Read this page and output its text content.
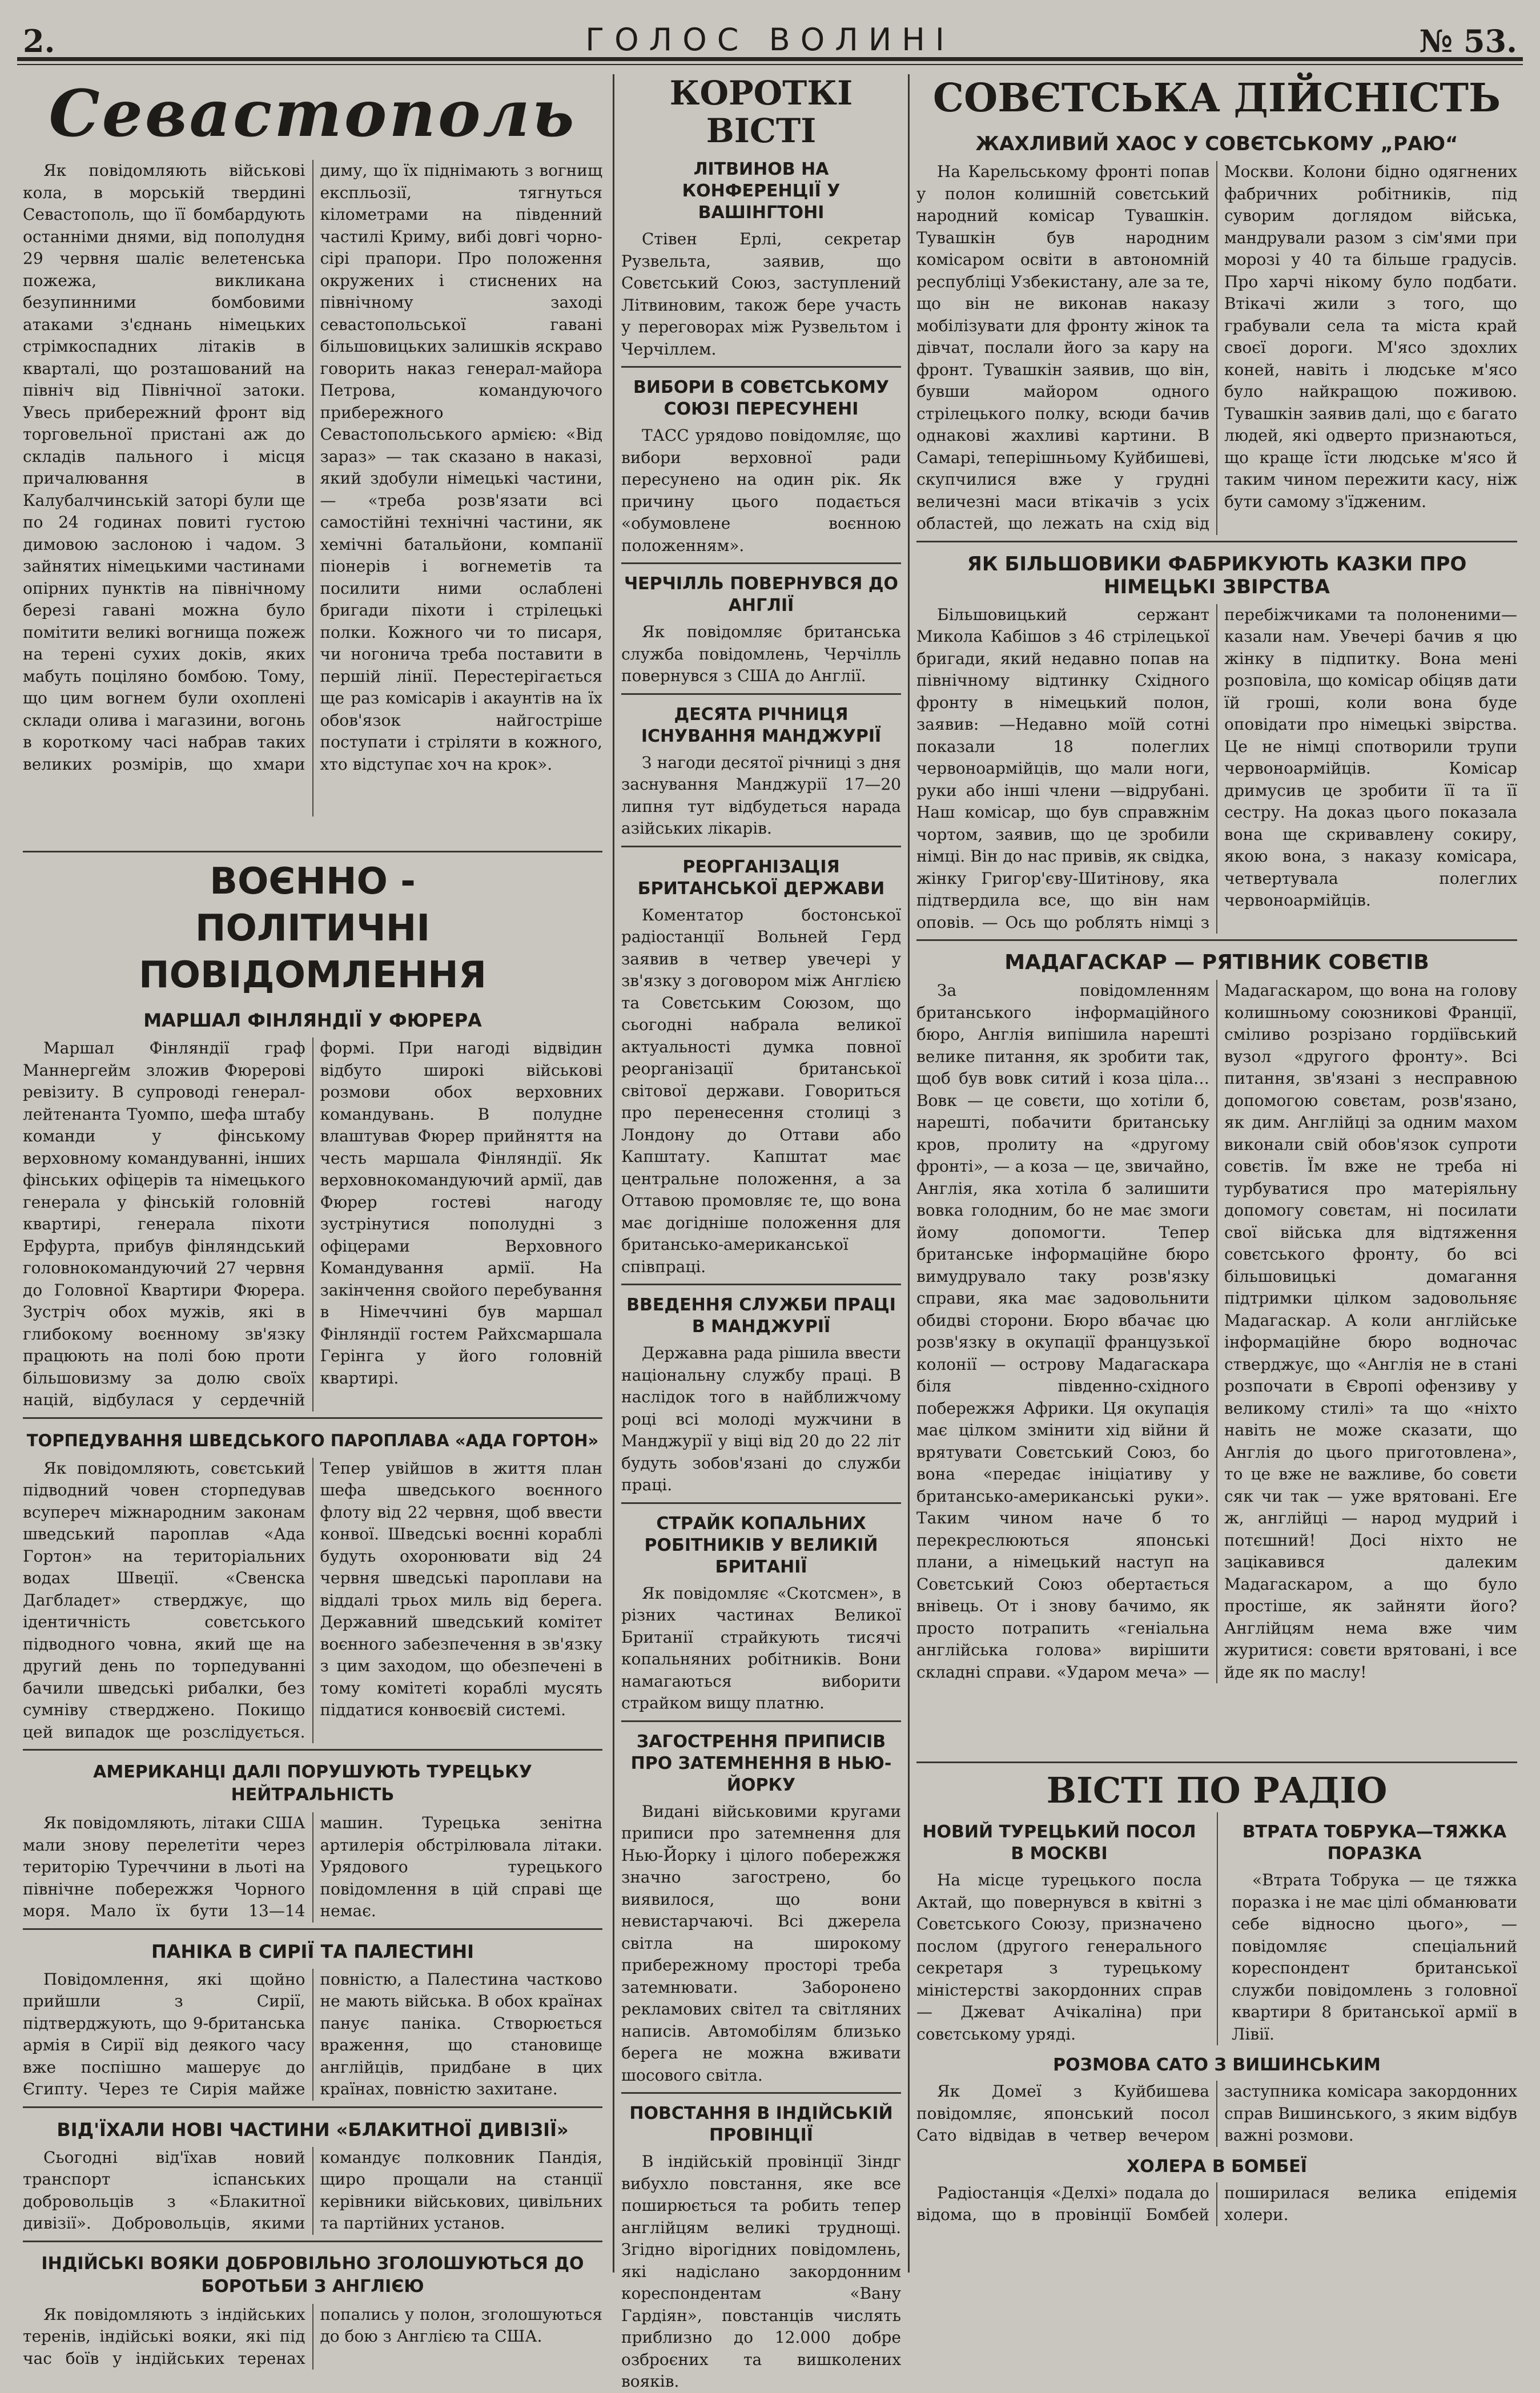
2.	ГОЛОС ВОЛИНІ	№ 53.
Севастополь

Як повідомляють військові кола, в морській твердині Севастополь, що її бомбардують останніми днями, від пополудня 29 червня шаліє велетенська пожежа, викликана безупинними бомбовими атаками з'єднань німецьких стрімкоспадних літаків в кварталі, що розташований на північ від Північної затоки. Увесь прибережний фронт від торговельної пристані аж до складів пального і місця причалювання в Калубалчинській заторі були ще по 24 годинах повиті густою димовою заслоною і чадом. З зайнятих німецькими частинами опірних пунктів на північному березі гавані можна було помітити великі вогнища пожеж на терені сухих доків, яких мабуть поціляно бомбою. Тому, що цим вогнем були охоплені склади олива і магазини, вогонь в короткому часі набрав таких великих розмірів, що хмари диму, що їх піднімають з вогнищ експльозії, тягнуться кілометрами на південний частилі Криму, вибі довгі чорно-сірі прапори. Про положення окружених і стиснених на північному заході севастопольської гавані більшовицьких залишків яскраво говорить наказ генерал-майора Петрова, командуючого прибережного Севастопольського армією: «Від зараз» — так сказано в наказі, який здобули німецькі частини, — «треба розв'язати всі самостійні технічні частини, як хемічні батальйони, компанії піонерів і вогнеметів та посилити ними ослаблені бригади піхоти і стрілецькі полки. Кожного чи то писаря, чи ногонича треба поставити в першій лінії. Перестерігається ще раз комісарів і акаунтів на їх обов'язок найгостріше поступати і стріляти в кожного, хто відступає хоч на крок».

ВОЄННО - ПОЛІТИЧНІ ПОВІДОМЛЕННЯ
МАРШАЛ ФІНЛЯНДІЇ У ФЮРЕРА

Маршал Фінляндії граф Маннергейм зложив Фюрерові ревізиту. В супроводі генерал-лейтенанта Туомпо, шефа штабу команди у фінському верховному командуванні, інших фінських офіцерів та німецького генерала у фінській головній квартирі, генерала піхоти Ерфурта, прибув фінляндський головнокомандуючий 27 червня до Головної Квартири Фюрера. Зустріч обох мужів, які в глибокому воєнному зв'язку працюють на полі бою проти більшовизму за долю своїх націй, відбулася у сердечній формі. При нагоді відвідин відбуто широкі військові розмови обох верховних командувань. В полудне влаштував Фюрер прийняття на честь маршала Фінляндії. Як верховнокомандуючий армії, дав Фюрер гостеві нагоду зустрінутися пополудні з офіцерами Верховного Командування армії. На закінчення свойого перебування в Німеччині був маршал Фінляндії гостем Райхсмаршала Герінга у його головній квартирі.

ТОРПЕДУВАННЯ ШВЕДСЬКОГО ПАРОПЛАВА «АДА ГОРТОН»

Як повідомляють, совєтський підводний човен сторпедував всупереч міжнародним законам шведський пароплав «Ада Гортон» на територіальних водах Швеції. «Свенска Дагбладет» стверджує, що ідентичність совєтського підводного човна, який ще на другий день по торпедуванні бачили шведські рибалки, без сумніву стверджено. Покищо цей випадок ще розслідується. Тепер увійшов в життя план шефа шведського воєнного флоту від 22 червня, щоб ввести конвої. Шведські воєнні кораблі будуть охоронювати від 24 червня шведські пароплави на віддалі трьох миль від берега. Державний шведський комітет воєнного забезпечення в зв'язку з цим заходом, що обезпечені в тому комітеті кораблі мусять піддатися конвоєвій системі.

АМЕРИКАНЦІ ДАЛІ ПОРУШУЮТЬ ТУРЕЦЬКУ НЕЙТРАЛЬНІСТЬ

Як повідомляють, літаки США мали знову перелетіти через територію Туреччини в льоті на північне побережжя Чорного моря. Мало їх бути 13—14 машин. Турецька зенітна артилерія обстрілювала літаки. Урядового турецького повідомлення в цій справі ще немає.

ПАНІКА В СИРІЇ ТА ПАЛЕСТИНІ

Повідомлення, які щойно прийшли з Сирії, підтверджують, що 9-британська армія в Сирії від деякого часу вже поспішно машерує до Єгипту. Через те Сирія майже повністю, а Палестина частково не мають війська. В обох країнах панує паніка. Створюється враження, що становище англійців, придбане в цих країнах, повністю захитане.

ВІД'ЇХАЛИ НОВІ ЧАСТИНИ «БЛАКИТНОЇ ДИВІЗІЇ»

Сьогодні від'їхав новий транспорт іспанських добровольців з «Блакитної дивізії». Добровольців, якими командує полковник Пандія, щиро прощали на станції керівники військових, цивільних та партійних установ.

ІНДІЙСЬКІ ВОЯКИ ДОБРОВІЛЬНО ЗГОЛОШУЮТЬСЯ ДО БОРОТЬБИ З АНГЛІЄЮ

Як повідомляють з індійських теренів, індійські вояки, які під час боїв у індійських теренах попались у полон, зголошуються до бою з Англією та США.

КОРОТКІ ВІСТІ
ЛІТВИНОВ НА КОНФЕРЕНЦІЇ У ВАШІНГТОНІ

Стівен Ерлі, секретар Рузвельта, заявив, що Совєтський Союз, заступлений Літвиновим, також бере участь у переговорах між Рузвельтом і Черчіллем.

ВИБОРИ В СОВЄТСЬКОМУ СОЮЗІ ПЕРЕСУНЕНІ

ТАСС урядово повідомляє, що вибори верховної ради пересунено на один рік. Як причину цього подається «обумовлене воєнною положенням».

ЧЕРЧІЛЛЬ ПОВЕРНУВСЯ ДО АНГЛІЇ

Як повідомляє британська служба повідомлень, Черчілль повернувся з США до Англії.

ДЕСЯТА РІЧНИЦЯ ІСНУВАННЯ МАНДЖУРІЇ

З нагоди десятої річниці з дня заснування Манджурії 17—20 липня тут відбудеться нарада азійських лікарів.

РЕОРГАНІЗАЦІЯ БРИТАНСЬКОЇ ДЕРЖАВИ

Коментатор бостонської радіостанції Вольней Герд заявив в четвер увечері у зв'язку з договором між Англією та Совєтським Союзом, що сьогодні набрала великої актуальності думка повної реорганізації британської світової держави. Говориться про перенесення столиці з Лондону до Оттави або Капштату. Капштат має центральне положення, а за Оттавою промовляє те, що вона має догідніше положення для британсько-американської співпраці.

ВВЕДЕННЯ СЛУЖБИ ПРАЦІ В МАНДЖУРІЇ

Державна рада рішила ввести національну службу праці. В наслідок того в найближчому році всі молоді мужчини в Манджурії у віці від 20 до 22 літ будуть зобов'язані до служби праці.

СТРАЙК КОПАЛЬНИХ РОБІТНИКІВ У ВЕЛИКІЙ БРИТАНІЇ

Як повідомляє «Скотсмен», в різних частинах Великої Британії страйкують тисячі копальняних робітників. Вони намагаються виборити страйком вищу платню.

ЗАГОСТРЕННЯ ПРИПИСІВ ПРО ЗАТЕМНЕННЯ В НЬЮ-ЙОРКУ

Видані військовими кругами приписи про затемнення для Нью-Йорку і цілого побережжя значно загострено, бо виявилося, що вони невистарчаючі. Всі джерела світла на широкому прибережному просторі треба затемнювати. Заборонено рекламових світел та світляних написів. Автомобілям близько берега не можна вживати шосового світла.

ПОВСТАННЯ В ІНДІЙСЬКІЙ ПРОВІНЦІЇ

В індійській провінції Зіндг вибухло повстання, яке все поширюється та робить тепер англійцям великі труднощі. Згідно вірогідних повідомлень, які надіслано закордонним кореспондентам «Вану Гардіян», повстанців числять приблизно до 12.000 добре озброєних та вишколених вояків.

СОВЄТСЬКА ДІЙСНІСТЬ
ЖАХЛИВИЙ ХАОС У СОВЄТСЬКОМУ „РАЮ“

На Карельському фронті попав у полон колишній совєтський народний комісар Тувашкін. Тувашкін був народним комісаром освіти в автономній республіці Узбекистану, але за те, що він не виконав наказу мобілізувати для фронту жінок та дівчат, послали його за кару на фронт. Тувашкін заявив, що він, бувши майором одного стрілецького полку, всюди бачив однакові жахливі картини. В Самарі, теперішньому Куйбишеві, скупчилися вже у грудні величезні маси втікачів з усіх областей, що лежать на схід від Москви. Колони бідно одягнених фабричних робітників, під суворим доглядом війська, мандрували разом з сім'ями при морозі у 40 та більше градусів. Про харчі нікому було подбати. Втікачі жили з того, що грабували села та міста край своєї дороги. М'ясо здохлих коней, навіть і людське м'ясо було найкращою поживою. Тувашкін заявив далі, що є багато людей, які одверто признаються, що краще їсти людське м'ясо й таким чином пережити касу, ніж бути самому з'їдженим.

ЯК БІЛЬШОВИКИ ФАБРИКУЮТЬ КАЗКИ ПРО НІМЕЦЬКІ ЗВІРСТВА

Більшовицький сержант Микола Кабішов з 46 стрілецької бригади, який недавно попав на північному відтинку Східного фронту в німецький полон, заявив: —Недавно моїй сотні показали 18 полеглих червоноармійців, що мали ноги, руки або інші члени —відрубані. Наш комісар, що був справжнім чортом, заявив, що це зробили німці. Він до нас привів, як свідка, жінку Григор'єву-Шитінову, яка підтвердила все, що він нам оповів. — Ось що роблять німці з перебіжчиками та полоненими—казали нам. Увечері бачив я цю жінку в підпитку. Вона мені розповіла, що комісар обіцяв дати їй гроші, коли вона буде оповідати про німецькі звірства. Це не німці спотворили трупи червоноармійців. Комісар дримусив це зробити її та її сестру. На доказ цього показала вона ще скривавлену сокиру, якою вона, з наказу комісара, четвертувала полеглих червоноармійців.

МАДАГАСКАР — РЯТІВНИК СОВЄТІВ

За повідомленням британського інформаційного бюро, Англія випішила нарешті велике питання, як зробити так, щоб був вовк ситий і коза ціла… Вовк — це совєти, що хотіли б, нарешті, побачити британську кров, пролиту на «другому фронті», — а коза — це, звичайно, Англія, яка хотіла б залишити вовка голодним, бо не має змоги йому допомогти. Тепер британське інформаційне бюро вимудрувало таку розв'язку справи, яка має задовольнити обидві сторони. Бюро вбачає цю розв'язку в окупації французької колонії — острову Мадагаскара біля південно-східного побережжя Африки. Ця окупація має цілком змінити хід війни й врятувати Совєтський Союз, бо вона «передає ініціативу у британсько-американські руки». Таким чином наче б то перекреслюються японські плани, а німецький наступ на Совєтський Союз обертається внівець. От і знову бачимо, як просто потрапить «геніальна англійська голова» вирішити складні справи. «Ударом меча» — Мадагаскаром, що вона на голову колишньому союзникові Франції, сміливо розрізано гордіївський вузол «другого фронту». Всі питання, зв'язані з несправною допомогою совєтам, розв'язано, як дим. Англійці за одним махом виконали свій обов'язок супроти совєтів. Їм вже не треба ні турбуватися про матеріяльну допомогу совєтам, ні посилати свої війська для відтяження совєтського фронту, бо всі більшовицькі домагання підтримки цілком задовольняє Мадагаскар. А коли англійське інформаційне бюро водночас стверджує, що «Англія не в стані розпочати в Європі офензиву у великому стилі» та що «ніхто навіть не може сказати, що Англія до цього приготовлена», то це вже не важливе, бо совєти сяк чи так — уже врятовані. Еге ж, англійці — народ мудрий і потєшний! Досі ніхто не зацікавився далеким Мадагаскаром, а що було простіше, як зайняти його? Англійцям нема вже чим журитися: совєти врятовані, і все йде як по маслу!

ВІСТІ ПО РАДІО
НОВИЙ ТУРЕЦЬКИЙ ПОСОЛ В МОСКВІ

На місце турецького посла Актай, що повернувся в квітні з Совєтського Союзу, призначено послом (другого генерального секретаря з турецькому міністерстві закордонних справ — Джеват Ачікаліна) при совєтському уряді.

ВТРАТА ТОБРУКА—ТЯЖКА ПОРАЗКА

«Втрата Тобрука — це тяжка поразка і не має цілі обманювати себе відносно цього», — повідомляє спеціальний кореспондент британської служби повідомлень з головної квартири 8 британської армії в Лівії.

РОЗМОВА САТО З ВИШИНСЬКИМ

Як Домеї з Куйбишева повідомляє, японський посол Сато відвідав в четвер вечером заступника комісара закордонних справ Вишинського, з яким відбув важні розмови.

ХОЛЕРА В БОМБЕЇ

Радіостанція «Делхі» подала до відома, що в провінції Бомбей поширилася велика епідемія холери.
